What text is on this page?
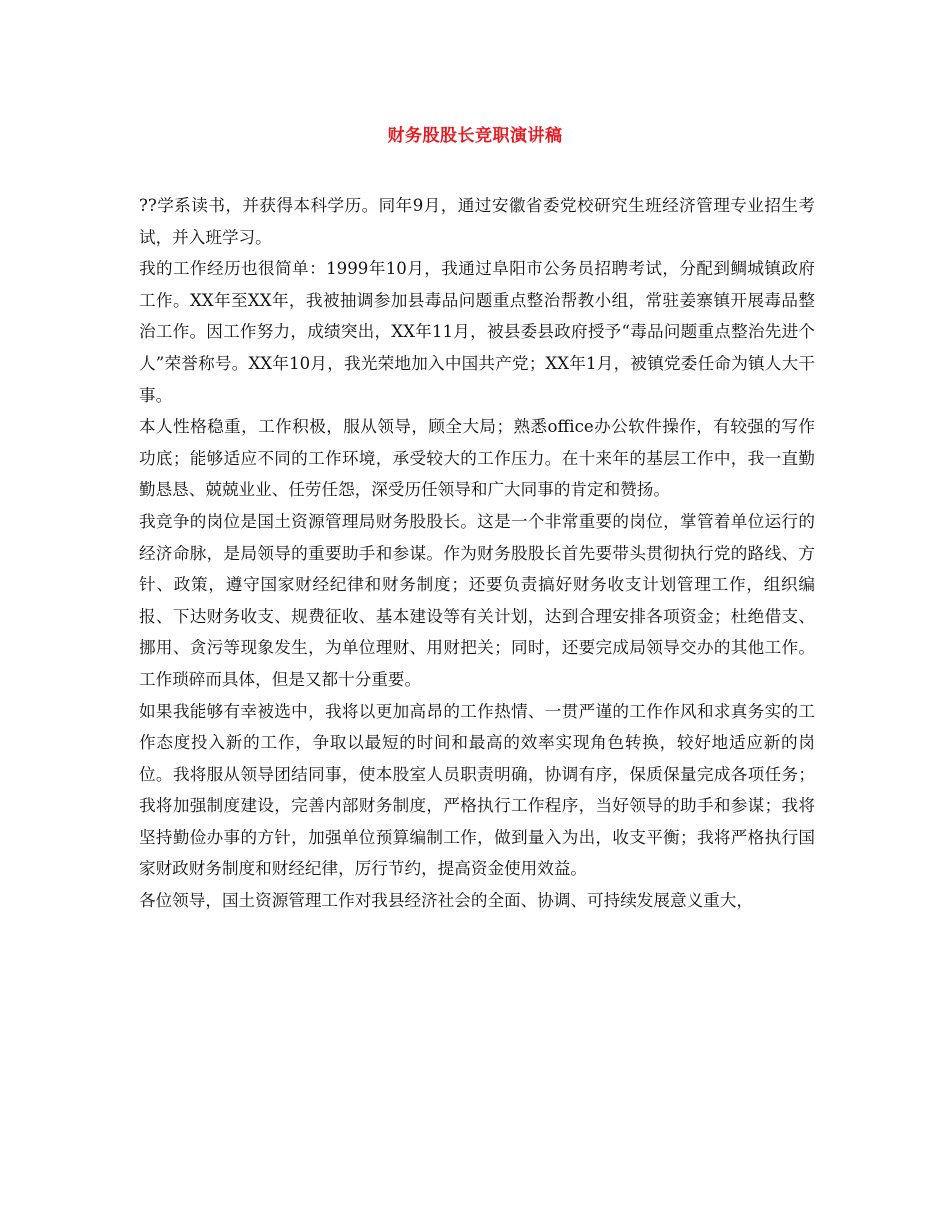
财务股股长竞职演讲稿

??学系读书，并获得本科学历。同年9月，通过安徽省委党校研究生班经济管理专业招生考试，并入班学习。

我的工作经历也很简单：1999年10月，我通过阜阳市公务员招聘考试，分配到鲷城镇政府工作。XX年至XX年，我被抽调参加县毒品问题重点整治帮教小组，常驻姜寨镇开展毒品整治工作。因工作努力，成绩突出，XX年11月，被县委县政府授予“毒品问题重点整治先进个人”荣誉称号。XX年10月，我光荣地加入中国共产党；XX年1月，被镇党委任命为镇人大干事。

本人性格稳重，工作积极，服从领导，顾全大局；熟悉office办公软件操作，有较强的写作功底；能够适应不同的工作环境，承受较大的工作压力。在十来年的基层工作中，我一直勤勤恳恳、兢兢业业、任劳任怨，深受历任领导和广大同事的肯定和赞扬。

我竞争的岗位是国土资源管理局财务股股长。这是一个非常重要的岗位，掌管着单位运行的经济命脉，是局领导的重要助手和参谋。作为财务股股长首先要带头贯彻执行党的路线、方针、政策，遵守国家财经纪律和财务制度；还要负责搞好财务收支计划管理工作，组织编报、下达财务收支、规费征收、基本建设等有关计划，达到合理安排各项资金；杜绝借支、挪用、贪污等现象发生，为单位理财、用财把关；同时，还要完成局领导交办的其他工作。工作琐碎而具体，但是又都十分重要。

如果我能够有幸被选中，我将以更加高昂的工作热情、一贯严谨的工作作风和求真务实的工作态度投入新的工作，争取以最短的时间和最高的效率实现角色转换，较好地适应新的岗位。我将服从领导团结同事，使本股室人员职责明确，协调有序，保质保量完成各项任务；我将加强制度建设，完善内部财务制度，严格执行工作程序，当好领导的助手和参谋；我将坚持勤俭办事的方针，加强单位预算编制工作，做到量入为出，收支平衡；我将严格执行国家财政财务制度和财经纪律，厉行节约，提高资金使用效益。

各位领导，国土资源管理工作对我县经济社会的全面、协调、可持续发展意义重大，
